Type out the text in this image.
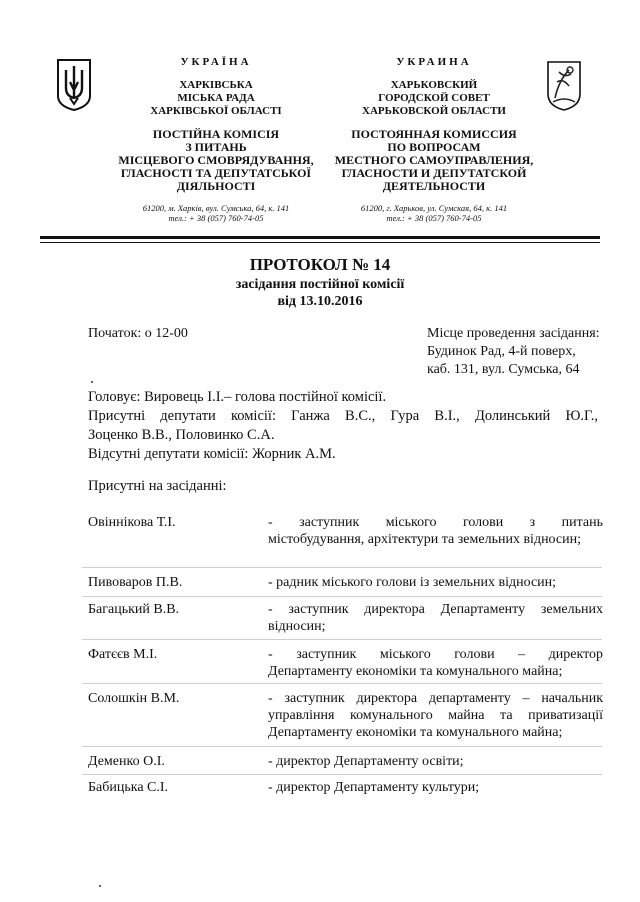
УКРАЇНА
ХАРКІВСЬКА
МІСЬКА РАДА
ХАРКІВСЬКОЇ ОБЛАСТІ
ПОСТІЙНА КОМІСІЯ
З ПИТАНЬ
МІСЦЕВОГО СМОВРЯДУВАННЯ,
ГЛАСНОСТІ ТА ДЕПУТАТСЬКОЇ
ДІЯЛЬНОСТІ
61200, м. Харків, вул. Сумська, 64, к. 141
тел.: + 38 (057) 760-74-05
УКРАИНА
ХАРЬКОВСКИЙ
ГОРОДСКОЙ СОВЕТ
ХАРЬКОВСКОЙ ОБЛАСТИ
ПОСТОЯННАЯ КОМИССИЯ
ПО ВОПРОСАМ
МЕСТНОГО САМОУПРАВЛЕНИЯ,
ГЛАСНОСТИ И ДЕПУТАТСКОЙ
ДЕЯТЕЛЬНОСТИ
61200, г. Харьков, ул. Сумская, 64, к. 141
тел.: + 38 (057) 760-74-05
ПРОТОКОЛ № 14
засідання постійної комісії
від 13.10.2016
Початок: о 12-00	Місце проведення засідання:
Будинок Рад, 4-й поверх,
каб. 131, вул. Сумська, 64
Головує: Вировець І.І.– голова постійної комісії.
Присутні депутати комісії: Ганжа В.С., Гура В.І., Долинський Ю.Г.,
Зоценко В.В., Половинко С.А.
Відсутні депутати комісії: Жорник А.М.
Присутні на засіданні:
Овіннікова Т.І.	- заступник міського голови з питань
містобудування, архітектури та земельних відносин;
Пивоваров П.В.	- радник міського голови із земельних відносин;
Багацький В.В.	- заступник директора Департаменту земельних
відносин;
Фатєєв М.І.	- заступник міського голови – директор
Департаменту економіки та комунального майна;
Солошкін В.М.	- заступник директора департаменту – начальник
управління комунального майна та приватизації Департаменту економіки та комунального майна;
Деменко О.І.	- директор Департаменту освіти;
Бабицька С.І.	- директор Департаменту культури;
